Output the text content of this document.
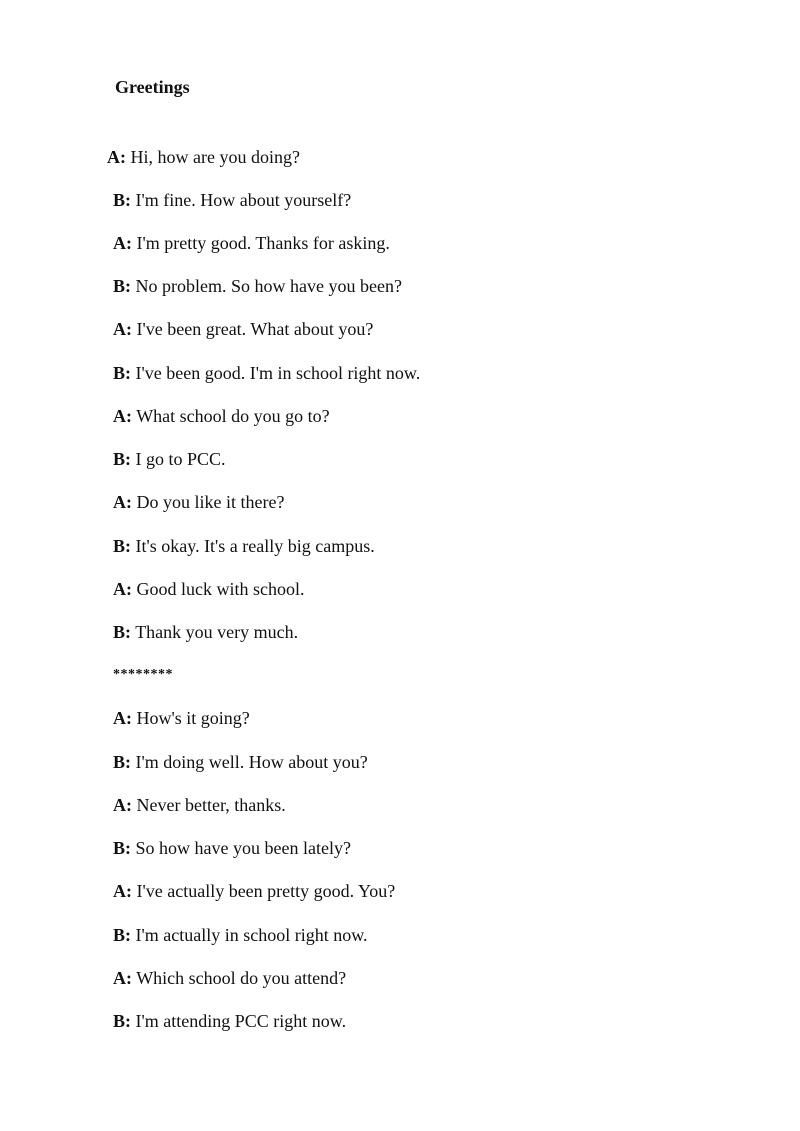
Greetings
A: Hi, how are you doing?
B: I'm fine. How about yourself?
A: I'm pretty good. Thanks for asking.
B: No problem. So how have you been?
A: I've been great. What about you?
B: I've been good. I'm in school right now.
A: What school do you go to?
B: I go to PCC.
A: Do you like it there?
B: It's okay. It's a really big campus.
A: Good luck with school.
B: Thank you very much.
********
A: How's it going?
B: I'm doing well. How about you?
A: Never better, thanks.
B: So how have you been lately?
A: I've actually been pretty good. You?
B: I'm actually in school right now.
A: Which school do you attend?
B: I'm attending PCC right now.
